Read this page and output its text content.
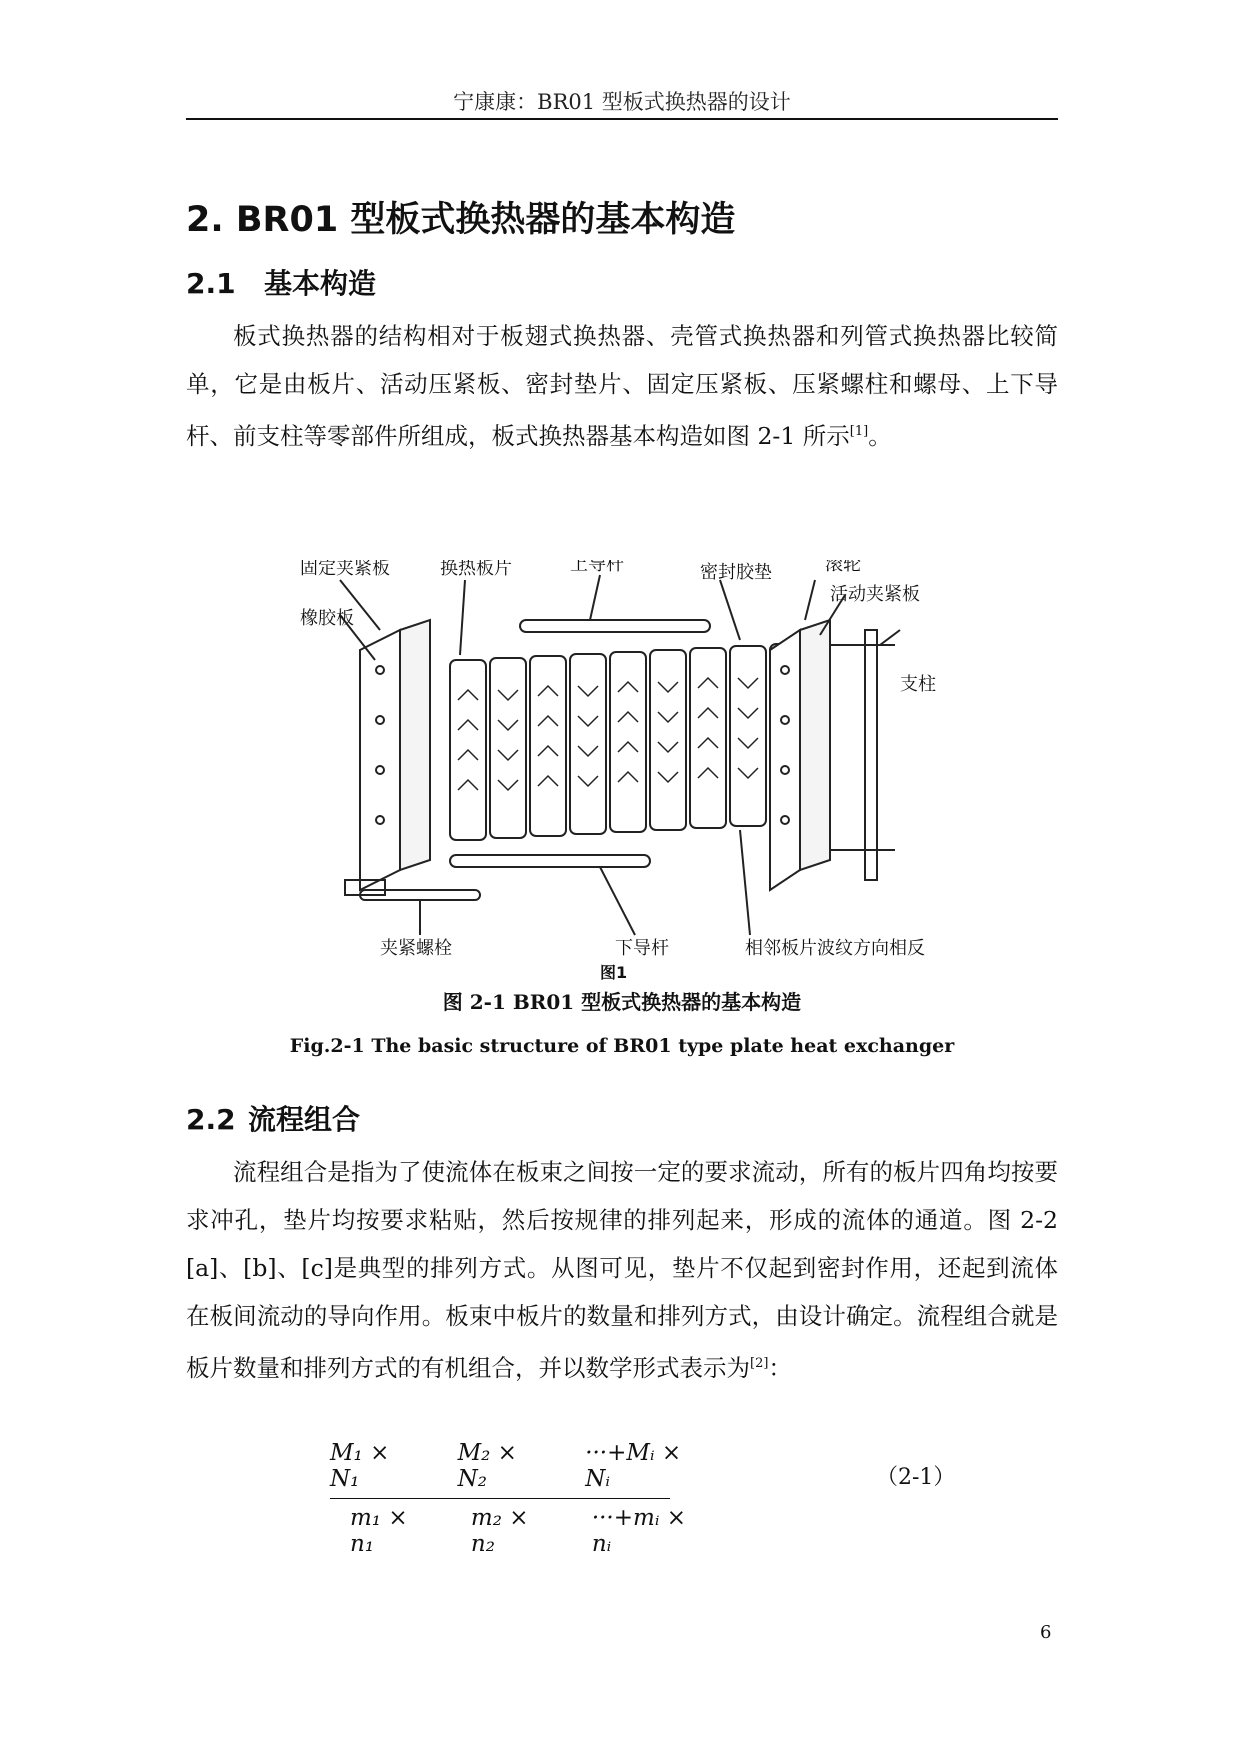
宁康康：BR01 型板式换热器的设计
2. BR01 型板式换热器的基本构造
2.1 基本构造

板式换热器的结构相对于板翅式换热器、壳管式换热器和列管式换热器比较简单，它是由板片、活动压紧板、密封垫片、固定压紧板、压紧螺柱和螺母、上下导杆、前支柱等零部件所组成，板式换热器基本构造如图 2-1 所示[1]。

固定夹紧板
橡胶板
换热板片	上导杆	密封胶垫	滚轮
活动夹紧板
支柱
夹紧螺栓	下导杆	相邻板片波纹方向相反
图1
图 2-1 BR01 型板式换热器的基本构造
Fig.2-1 The basic structure of BR01 type plate heat exchanger
2.2 流程组合

流程组合是指为了使流体在板束之间按一定的要求流动，所有的板片四角均按要求冲孔，垫片均按要求粘贴，然后按规律的排列起来，形成的流体的通道。图 2-2 [a]、[b]、[c]是典型的排列方式。从图可见，垫片不仅起到密封作用，还起到流体在板间流动的导向作用。板束中板片的数量和排列方式，由设计确定。流程组合就是板片数量和排列方式的有机组合，并以数学形式表示为[2]：

M₁ × N₁
M₂ × N₂
···+Mᵢ × Nᵢ
m₁ × n₁
m₂ × n₂
···+mᵢ × nᵢ
（2-1）
6
